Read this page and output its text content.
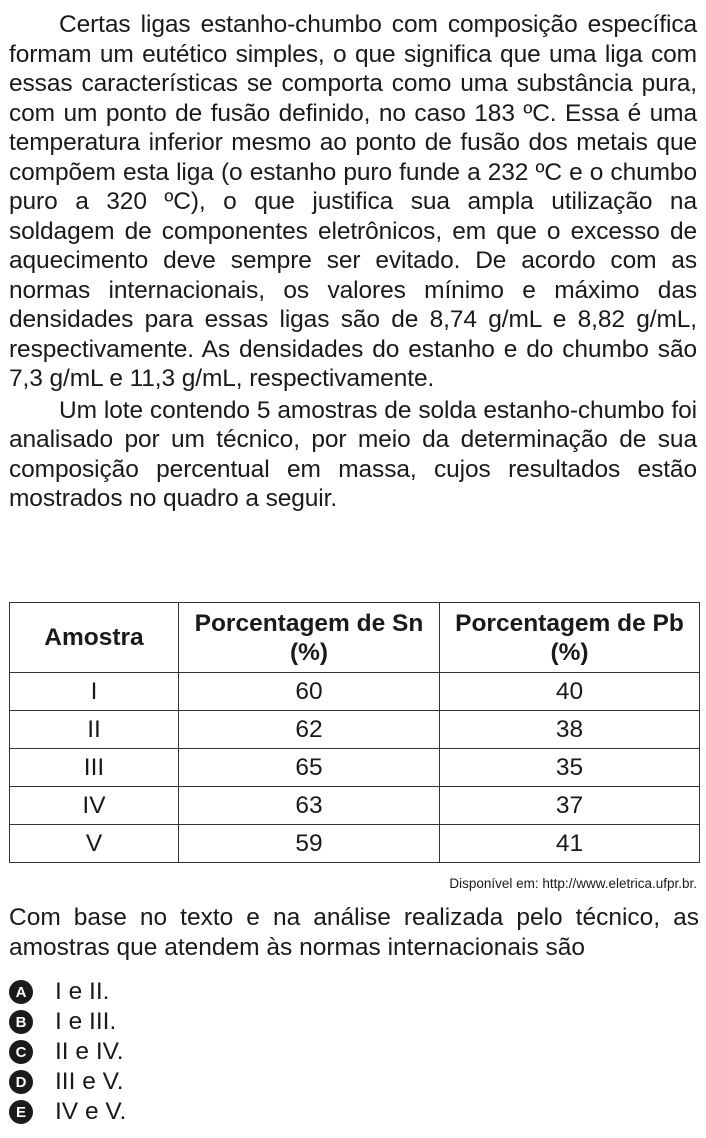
Certas ligas estanho-chumbo com composição específica formam um eutético simples, o que significa que uma liga com essas características se comporta como uma substância pura, com um ponto de fusão definido, no caso 183 ºC. Essa é uma temperatura inferior mesmo ao ponto de fusão dos metais que compõem esta liga (o estanho puro funde a 232 ºC e o chumbo puro a 320 ºC), o que justifica sua ampla utilização na soldagem de componentes eletrônicos, em que o excesso de aquecimento deve sempre ser evitado. De acordo com as normas internacionais, os valores mínimo e máximo das densidades para essas ligas são de 8,74 g/mL e 8,82 g/mL, respectivamente. As densidades do estanho e do chumbo são 7,3 g/mL e 11,3 g/mL, respectivamente.

Um lote contendo 5 amostras de solda estanho-chumbo foi analisado por um técnico, por meio da determinação de sua composição percentual em massa, cujos resultados estão mostrados no quadro a seguir.

Amostra	Porcentagem de Sn (%)	Porcentagem de Pb (%)
I	60	40
II	62	38
III	65	35
IV	63	37
V	59	41

Disponível em: http://www.eletrica.ufpr.br.

Com base no texto e na análise realizada pelo técnico, as amostras que atendem às normas internacionais são

A I e II.
B I e III.
C II e IV.
D III e V.
E IV e V.
